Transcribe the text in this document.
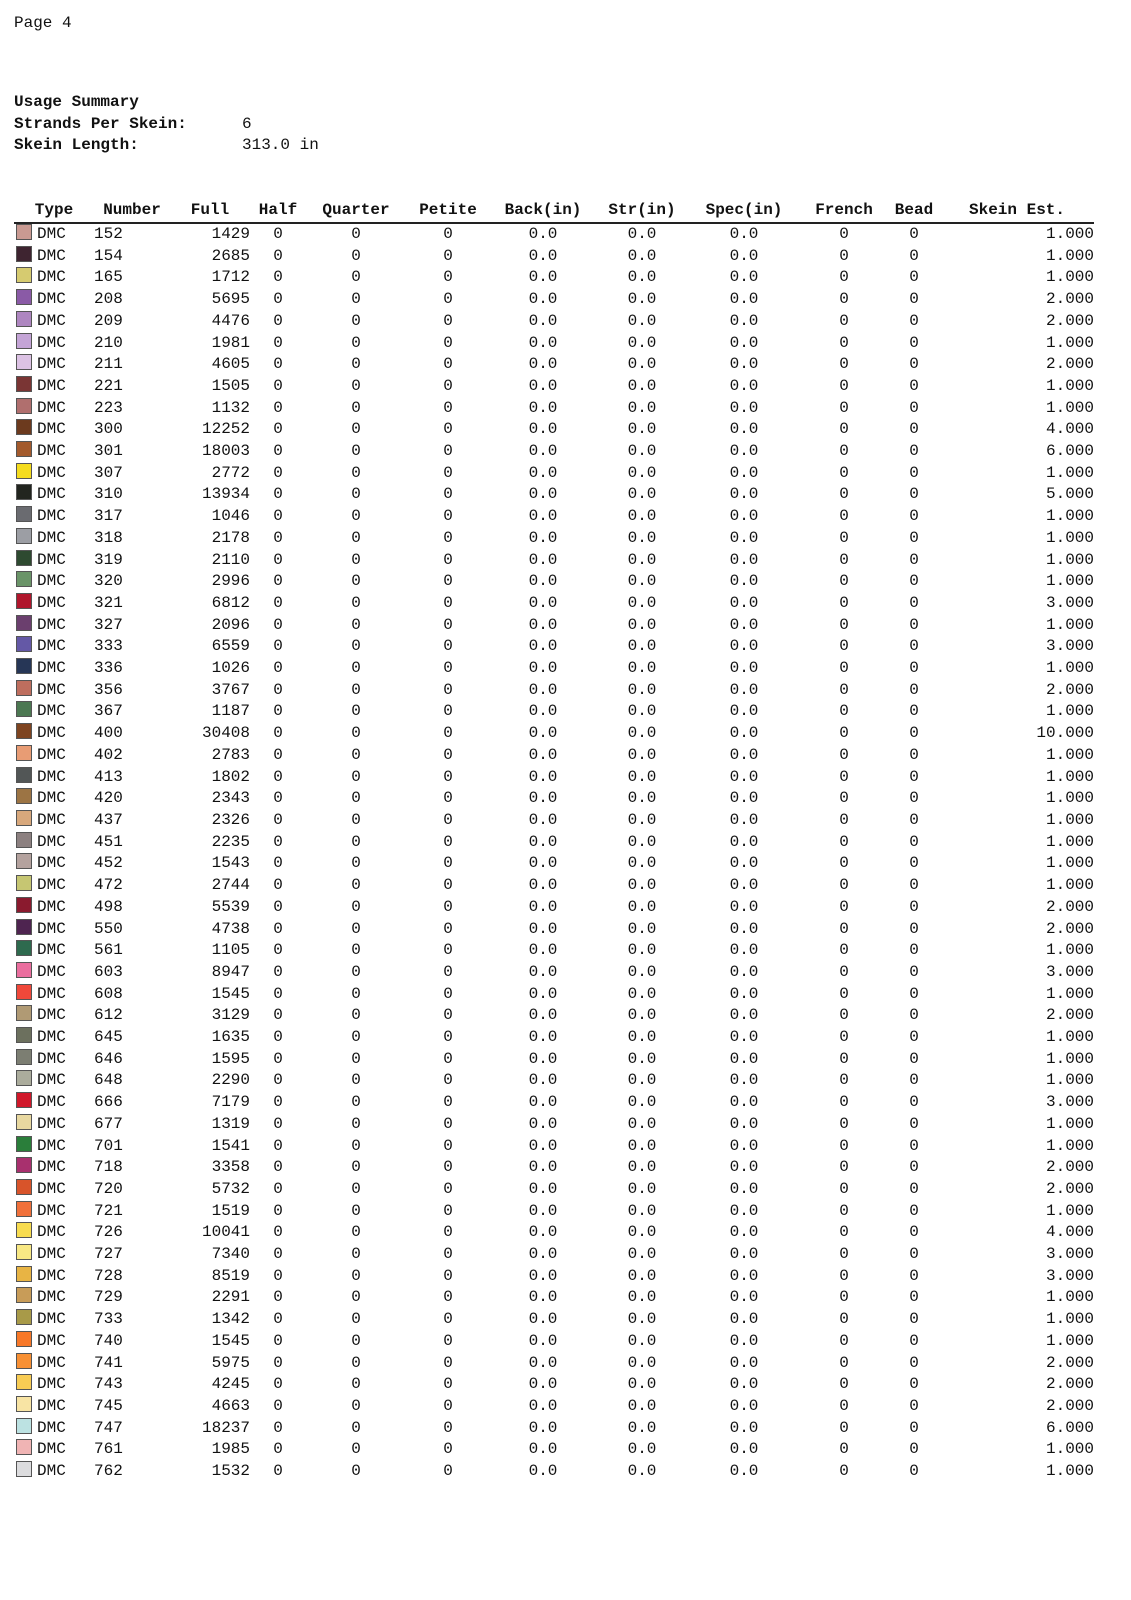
Page 4
Usage Summary
Strands Per Skein:	6
Skein Length:	313.0 in
Type	Number	Full	Half	Quarter	Petite	Back(in)	Str(in)	Spec(in)	French	Bead	Skein Est.
DMC	152	1429	0	0	0	0.0	0.0	0.0	0	0	1.000
DMC	154	2685	0	0	0	0.0	0.0	0.0	0	0	1.000
DMC	165	1712	0	0	0	0.0	0.0	0.0	0	0	1.000
DMC	208	5695	0	0	0	0.0	0.0	0.0	0	0	2.000
DMC	209	4476	0	0	0	0.0	0.0	0.0	0	0	2.000
DMC	210	1981	0	0	0	0.0	0.0	0.0	0	0	1.000
DMC	211	4605	0	0	0	0.0	0.0	0.0	0	0	2.000
DMC	221	1505	0	0	0	0.0	0.0	0.0	0	0	1.000
DMC	223	1132	0	0	0	0.0	0.0	0.0	0	0	1.000
DMC	300	12252	0	0	0	0.0	0.0	0.0	0	0	4.000
DMC	301	18003	0	0	0	0.0	0.0	0.0	0	0	6.000
DMC	307	2772	0	0	0	0.0	0.0	0.0	0	0	1.000
DMC	310	13934	0	0	0	0.0	0.0	0.0	0	0	5.000
DMC	317	1046	0	0	0	0.0	0.0	0.0	0	0	1.000
DMC	318	2178	0	0	0	0.0	0.0	0.0	0	0	1.000
DMC	319	2110	0	0	0	0.0	0.0	0.0	0	0	1.000
DMC	320	2996	0	0	0	0.0	0.0	0.0	0	0	1.000
DMC	321	6812	0	0	0	0.0	0.0	0.0	0	0	3.000
DMC	327	2096	0	0	0	0.0	0.0	0.0	0	0	1.000
DMC	333	6559	0	0	0	0.0	0.0	0.0	0	0	3.000
DMC	336	1026	0	0	0	0.0	0.0	0.0	0	0	1.000
DMC	356	3767	0	0	0	0.0	0.0	0.0	0	0	2.000
DMC	367	1187	0	0	0	0.0	0.0	0.0	0	0	1.000
DMC	400	30408	0	0	0	0.0	0.0	0.0	0	0	10.000
DMC	402	2783	0	0	0	0.0	0.0	0.0	0	0	1.000
DMC	413	1802	0	0	0	0.0	0.0	0.0	0	0	1.000
DMC	420	2343	0	0	0	0.0	0.0	0.0	0	0	1.000
DMC	437	2326	0	0	0	0.0	0.0	0.0	0	0	1.000
DMC	451	2235	0	0	0	0.0	0.0	0.0	0	0	1.000
DMC	452	1543	0	0	0	0.0	0.0	0.0	0	0	1.000
DMC	472	2744	0	0	0	0.0	0.0	0.0	0	0	1.000
DMC	498	5539	0	0	0	0.0	0.0	0.0	0	0	2.000
DMC	550	4738	0	0	0	0.0	0.0	0.0	0	0	2.000
DMC	561	1105	0	0	0	0.0	0.0	0.0	0	0	1.000
DMC	603	8947	0	0	0	0.0	0.0	0.0	0	0	3.000
DMC	608	1545	0	0	0	0.0	0.0	0.0	0	0	1.000
DMC	612	3129	0	0	0	0.0	0.0	0.0	0	0	2.000
DMC	645	1635	0	0	0	0.0	0.0	0.0	0	0	1.000
DMC	646	1595	0	0	0	0.0	0.0	0.0	0	0	1.000
DMC	648	2290	0	0	0	0.0	0.0	0.0	0	0	1.000
DMC	666	7179	0	0	0	0.0	0.0	0.0	0	0	3.000
DMC	677	1319	0	0	0	0.0	0.0	0.0	0	0	1.000
DMC	701	1541	0	0	0	0.0	0.0	0.0	0	0	1.000
DMC	718	3358	0	0	0	0.0	0.0	0.0	0	0	2.000
DMC	720	5732	0	0	0	0.0	0.0	0.0	0	0	2.000
DMC	721	1519	0	0	0	0.0	0.0	0.0	0	0	1.000
DMC	726	10041	0	0	0	0.0	0.0	0.0	0	0	4.000
DMC	727	7340	0	0	0	0.0	0.0	0.0	0	0	3.000
DMC	728	8519	0	0	0	0.0	0.0	0.0	0	0	3.000
DMC	729	2291	0	0	0	0.0	0.0	0.0	0	0	1.000
DMC	733	1342	0	0	0	0.0	0.0	0.0	0	0	1.000
DMC	740	1545	0	0	0	0.0	0.0	0.0	0	0	1.000
DMC	741	5975	0	0	0	0.0	0.0	0.0	0	0	2.000
DMC	743	4245	0	0	0	0.0	0.0	0.0	0	0	2.000
DMC	745	4663	0	0	0	0.0	0.0	0.0	0	0	2.000
DMC	747	18237	0	0	0	0.0	0.0	0.0	0	0	6.000
DMC	761	1985	0	0	0	0.0	0.0	0.0	0	0	1.000
DMC	762	1532	0	0	0	0.0	0.0	0.0	0	0	1.000
